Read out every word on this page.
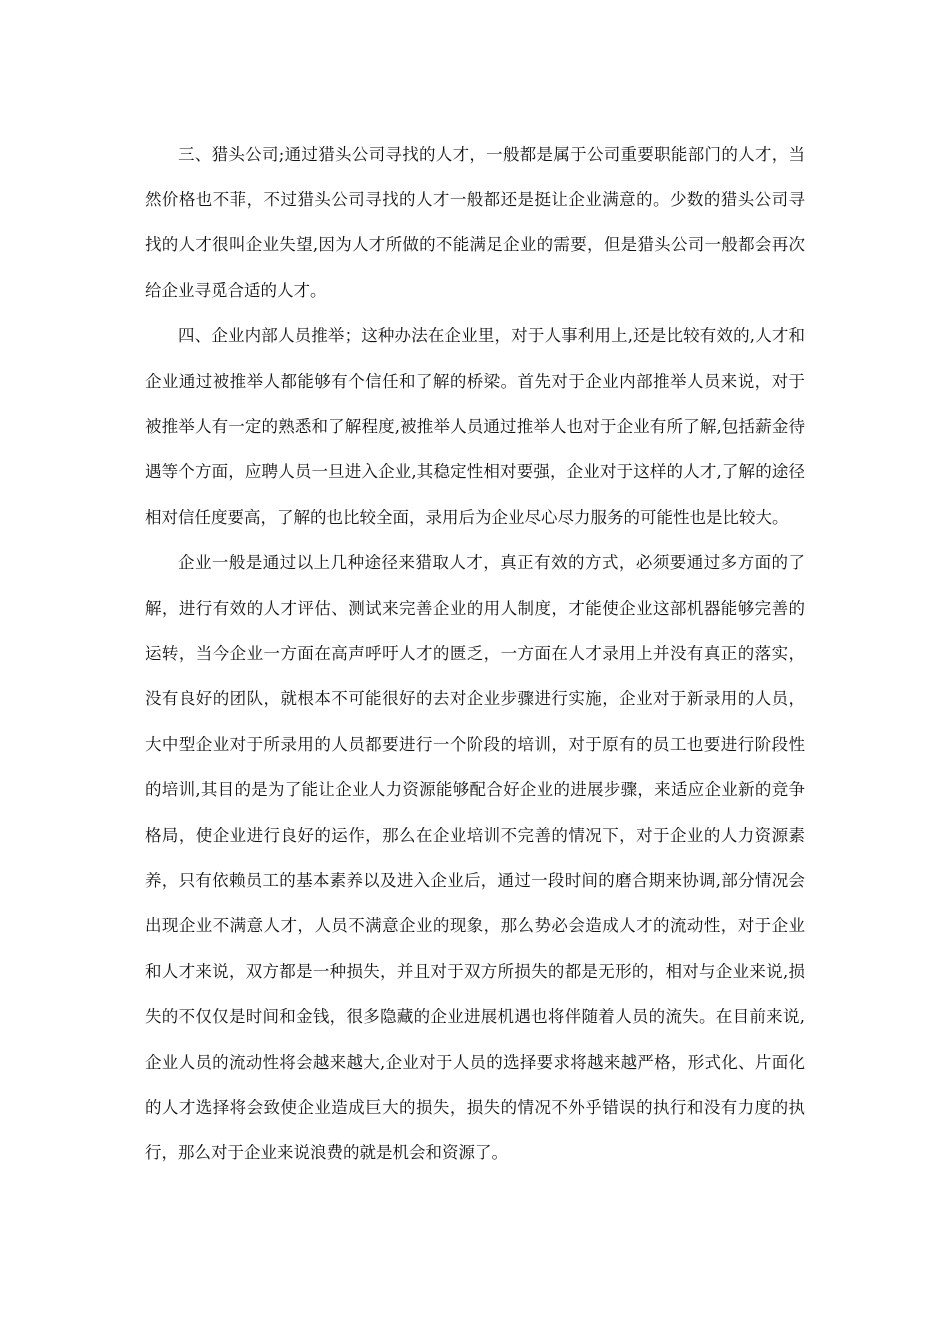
三、猎头公司;通过猎头公司寻找的人才，一般都是属于公司重要职能部门的人才，当
然价格也不菲，不过猎头公司寻找的人才一般都还是挺让企业满意的。少数的猎头公司寻
找的人才很叫企业失望,因为人才所做的不能满足企业的需要，但是猎头公司一般都会再次
给企业寻觅合适的人才。
四、企业内部人员推举；这种办法在企业里，对于人事利用上,还是比较有效的,人才和
企业通过被推举人都能够有个信任和了解的桥梁。首先对于企业内部推举人员来说，对于
被推举人有一定的熟悉和了解程度,被推举人员通过推举人也对于企业有所了解,包括薪金待
遇等个方面，应聘人员一旦进入企业,其稳定性相对要强，企业对于这样的人才,了解的途径
相对信任度要高，了解的也比较全面，录用后为企业尽心尽力服务的可能性也是比较大。
企业一般是通过以上几种途径来猎取人才，真正有效的方式，必须要通过多方面的了
解，进行有效的人才评估、测试来完善企业的用人制度，才能使企业这部机器能够完善的
运转，当今企业一方面在高声呼吁人才的匮乏，一方面在人才录用上并没有真正的落实，
没有良好的团队，就根本不可能很好的去对企业步骤进行实施，企业对于新录用的人员，
大中型企业对于所录用的人员都要进行一个阶段的培训，对于原有的员工也要进行阶段性
的培训,其目的是为了能让企业人力资源能够配合好企业的进展步骤，来适应企业新的竞争
格局，使企业进行良好的运作，那么在企业培训不完善的情况下，对于企业的人力资源素
养，只有依赖员工的基本素养以及进入企业后，通过一段时间的磨合期来协调,部分情况会
出现企业不满意人才，人员不满意企业的现象，那么势必会造成人才的流动性，对于企业
和人才来说，双方都是一种损失，并且对于双方所损失的都是无形的，相对与企业来说,损
失的不仅仅是时间和金钱，很多隐藏的企业进展机遇也将伴随着人员的流失。在目前来说,
企业人员的流动性将会越来越大,企业对于人员的选择要求将越来越严格，形式化、片面化
的人才选择将会致使企业造成巨大的损失，损失的情况不外乎错误的执行和没有力度的执
行，那么对于企业来说浪费的就是机会和资源了。
